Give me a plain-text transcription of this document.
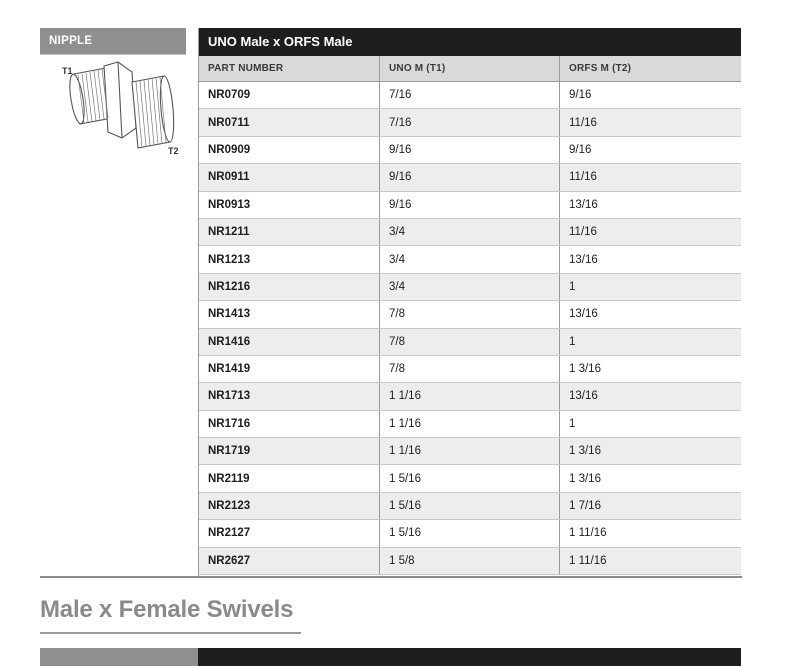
NIPPLE
T1
T2
UNO Male x ORFS Male
PART NUMBER	UNO M (T1)	ORFS M (T2)
NR0709	7/16	9/16
NR0711	7/16	11/16
NR0909	9/16	9/16
NR0911	9/16	11/16
NR0913	9/16	13/16
NR1211	3/4	11/16
NR1213	3/4	13/16
NR1216	3/4	1
NR1413	7/8	13/16
NR1416	7/8	1
NR1419	7/8	1 3/16
NR1713	1 1/16	13/16
NR1716	1 1/16	1
NR1719	1 1/16	1 3/16
NR2119	1 5/16	1 3/16
NR2123	1 5/16	1 7/16
NR2127	1 5/16	1 11/16
NR2627	1 5/8	1 11/16
Male x Female Swivels
